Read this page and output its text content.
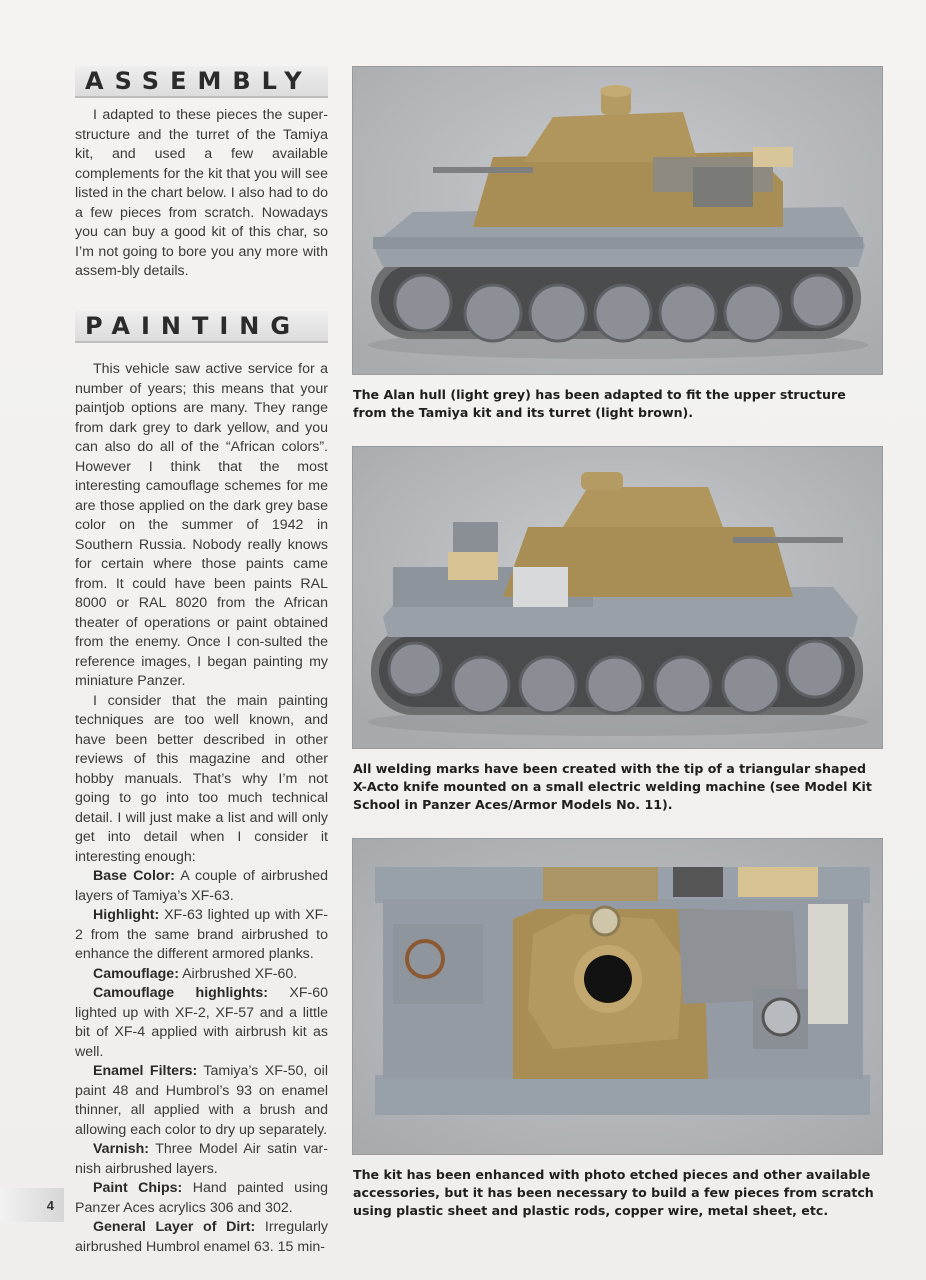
ASSEMBLY

I adapted to these pieces the super-structure and the turret of the Tamiya kit, and used a few available complements for the kit that you will see listed in the chart below. I also had to do a few pieces from scratch. Nowadays you can buy a good kit of this char, so I’m not going to bore you any more with assem-bly details.

PAINTING

This vehicle saw active service for a number of years; this means that your paintjob options are many. They range from dark grey to dark yellow, and you can also do all of the “African colors”. However I think that the most interesting camouflage schemes for me are those applied on the dark grey base color on the summer of 1942 in Southern Russia. Nobody really knows for certain where those paints came from. It could have been paints RAL 8000 or RAL 8020 from the African theater of operations or paint obtained from the enemy. Once I con-sulted the reference images, I began painting my miniature Panzer.

I consider that the main painting techniques are too well known, and have been better described in other reviews of this magazine and other hobby manuals. That’s why I’m not going to go into too much technical detail. I will just make a list and will only get into detail when I consider it interesting enough:

Base Color: A couple of airbrushed layers of Tamiya’s XF-63.

Highlight: XF-63 lighted up with XF-2 from the same brand airbrushed to enhance the different armored planks.

Camouflage: Airbrushed XF-60.

Camouflage highlights: XF-60 lighted up with XF-2, XF-57 and a little bit of XF-4 applied with airbrush kit as well.

Enamel Filters: Tamiya’s XF-50, oil paint 48 and Humbrol’s 93 on enamel thinner, all applied with a brush and allowing each color to dry up separately.

Varnish: Three Model Air satin var-nish airbrushed layers.

Paint Chips: Hand painted using Panzer Aces acrylics 306 and 302.

General Layer of Dirt: Irregularly airbrushed Humbrol enamel 63. 15 min-

The Alan hull (light grey) has been adapted to fit the upper structure from the Tamiya kit and its turret (light brown).
All welding marks have been created with the tip of a triangular shaped X-Acto knife mounted on a small electric welding machine (see Model Kit School in Panzer Aces/Armor Models No. 11).
The kit has been enhanced with photo etched pieces and other available accessories, but it has been necessary to build a few pieces from scratch using plastic sheet and plastic rods, copper wire, metal sheet, etc.
4
